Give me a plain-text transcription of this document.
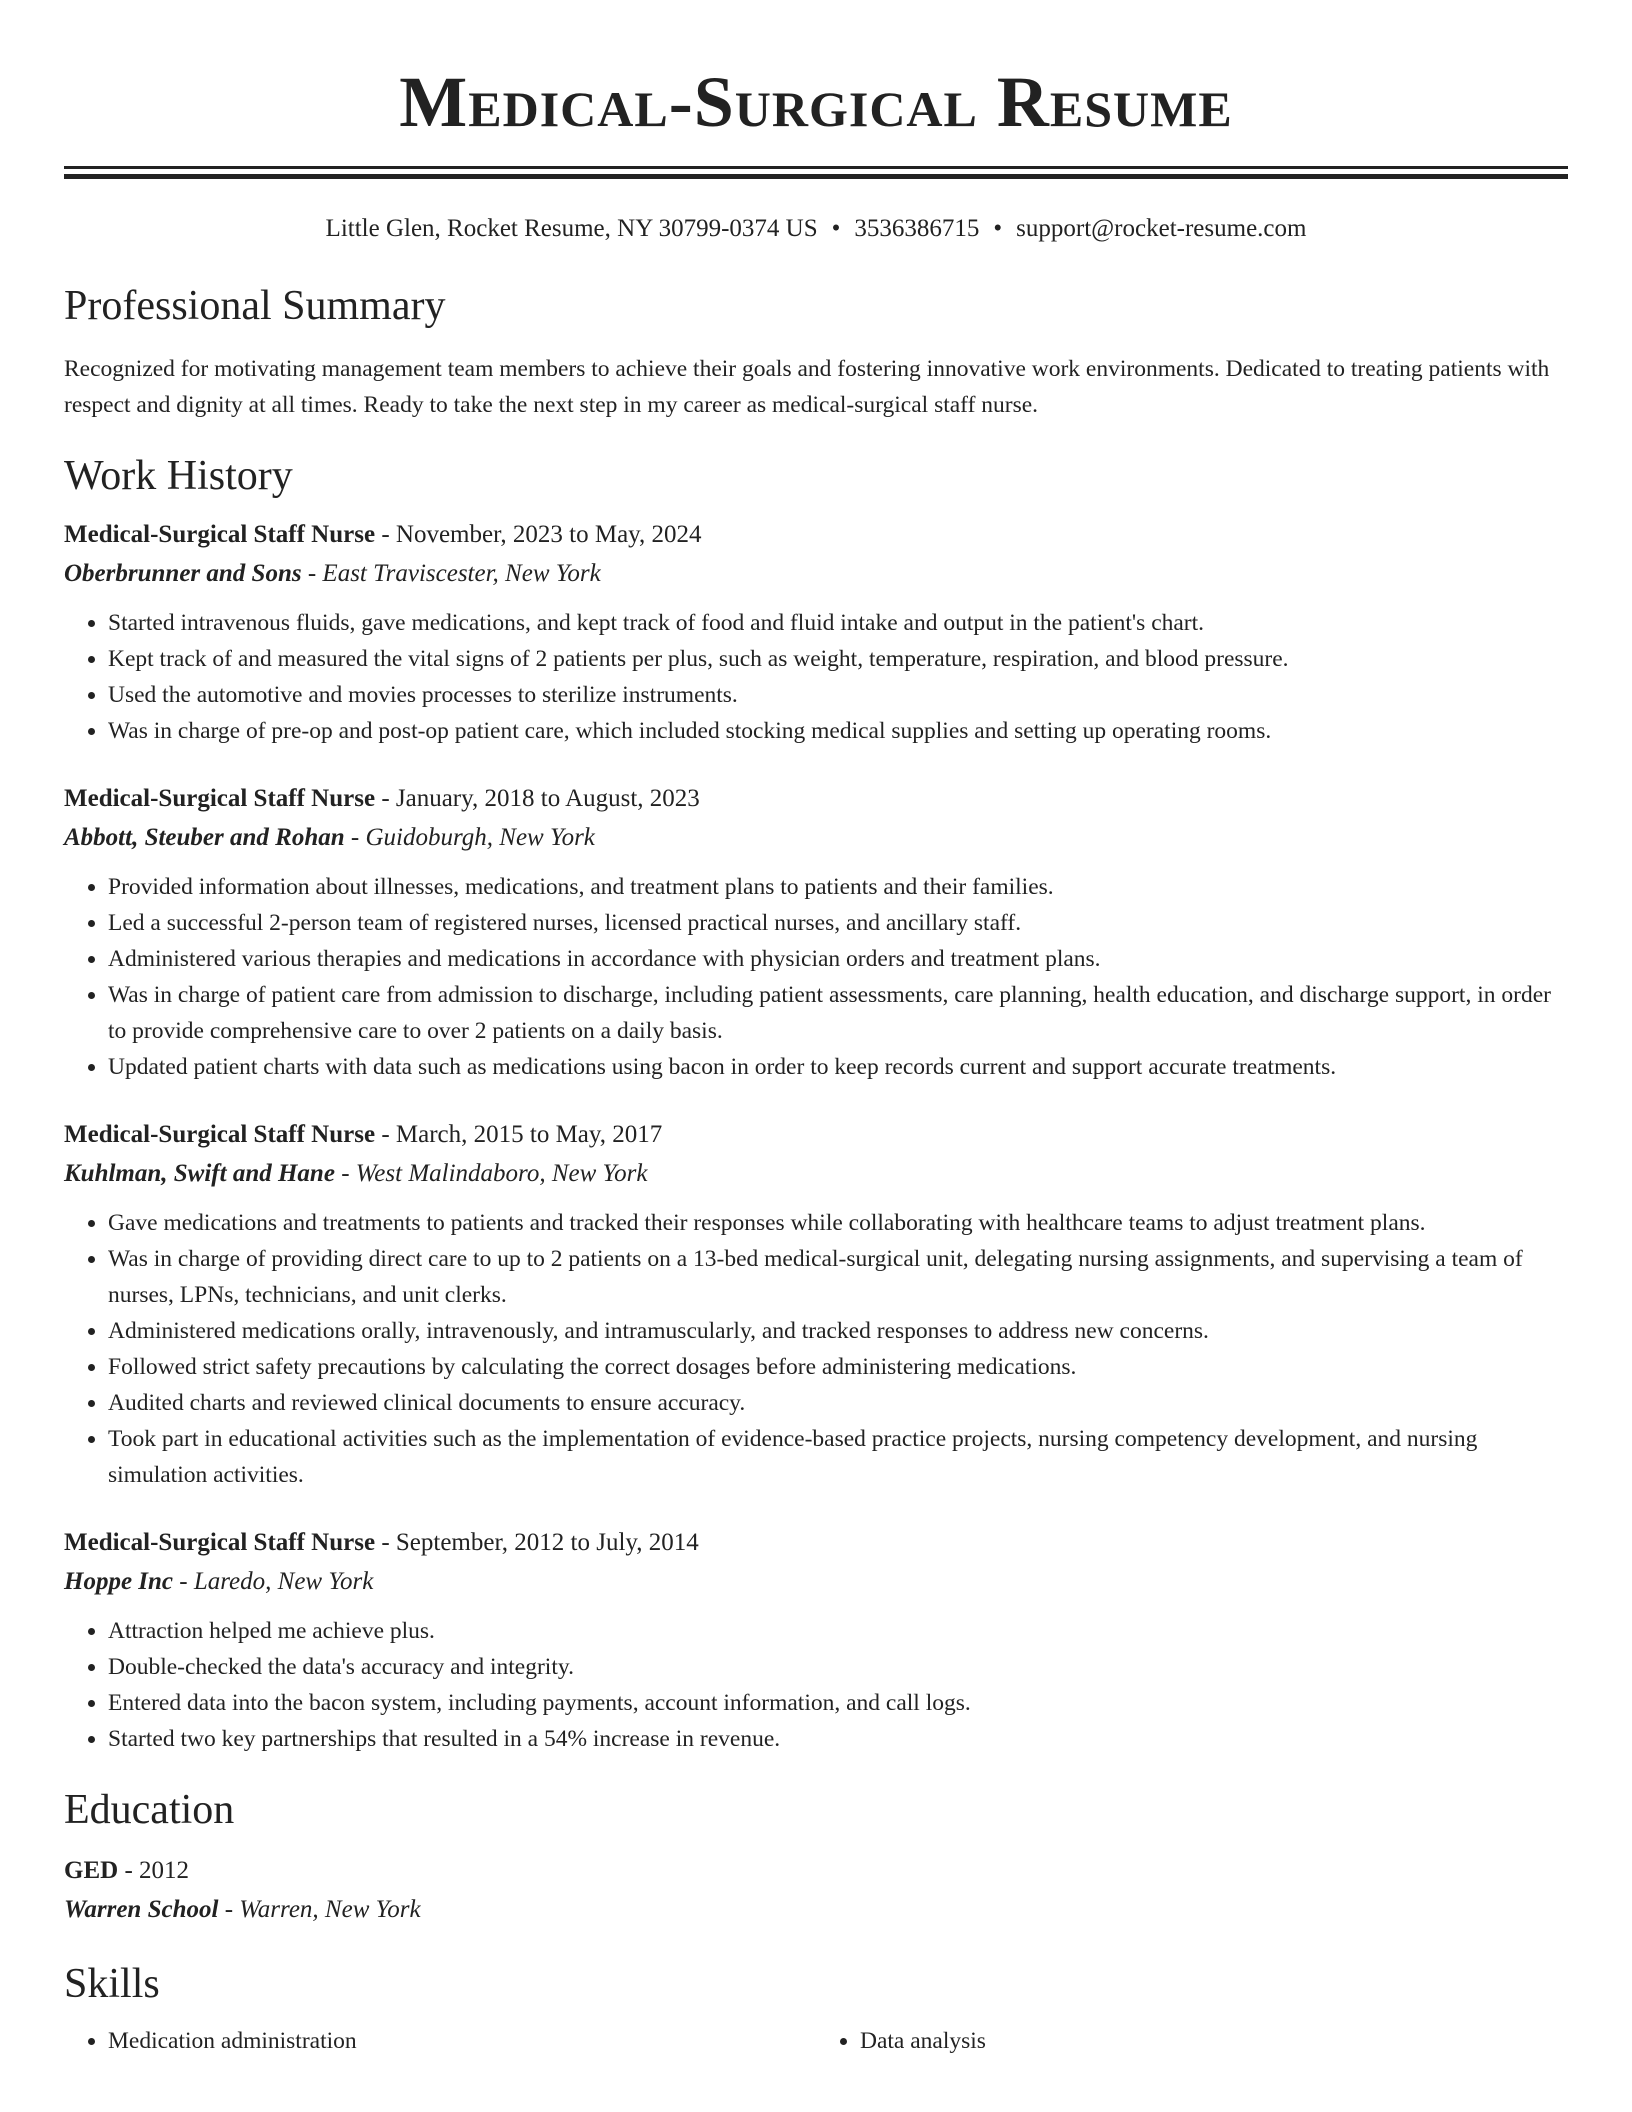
Medical-Surgical Resume
Little Glen, Rocket Resume, NY 30799-0374 US • 3536386715 • support@rocket-resume.com
Professional Summary

Recognized for motivating management team members to achieve their goals and fostering innovative work environments. Dedicated to treating patients with respect and dignity at all times. Ready to take the next step in my career as medical-surgical staff nurse.

Work History
Medical-Surgical Staff Nurse - November, 2023 to May, 2024
Oberbrunner and Sons - East Traviscester, New York
• Started intravenous fluids, gave medications, and kept track of food and fluid intake and output in the patient's chart.
• Kept track of and measured the vital signs of 2 patients per plus, such as weight, temperature, respiration, and blood pressure.
• Used the automotive and movies processes to sterilize instruments.
• Was in charge of pre-op and post-op patient care, which included stocking medical supplies and setting up operating rooms.
Medical-Surgical Staff Nurse - January, 2018 to August, 2023
Abbott, Steuber and Rohan - Guidoburgh, New York
• Provided information about illnesses, medications, and treatment plans to patients and their families.
• Led a successful 2-person team of registered nurses, licensed practical nurses, and ancillary staff.
• Administered various therapies and medications in accordance with physician orders and treatment plans.
• Was in charge of patient care from admission to discharge, including patient assessments, care planning, health education, and discharge support, in order to provide comprehensive care to over 2 patients on a daily basis.
• Updated patient charts with data such as medications using bacon in order to keep records current and support accurate treatments.
Medical-Surgical Staff Nurse - March, 2015 to May, 2017
Kuhlman, Swift and Hane - West Malindaboro, New York
• Gave medications and treatments to patients and tracked their responses while collaborating with healthcare teams to adjust treatment plans.
• Was in charge of providing direct care to up to 2 patients on a 13-bed medical-surgical unit, delegating nursing assignments, and supervising a team of nurses, LPNs, technicians, and unit clerks.
• Administered medications orally, intravenously, and intramuscularly, and tracked responses to address new concerns.
• Followed strict safety precautions by calculating the correct dosages before administering medications.
• Audited charts and reviewed clinical documents to ensure accuracy.
• Took part in educational activities such as the implementation of evidence-based practice projects, nursing competency development, and nursing simulation activities.
Medical-Surgical Staff Nurse - September, 2012 to July, 2014
Hoppe Inc - Laredo, New York
• Attraction helped me achieve plus.
• Double-checked the data's accuracy and integrity.
• Entered data into the bacon system, including payments, account information, and call logs.
• Started two key partnerships that resulted in a 54% increase in revenue.
Education
GED - 2012
Warren School - Warren, New York
Skills
• Medication administration
•	Data analysis
